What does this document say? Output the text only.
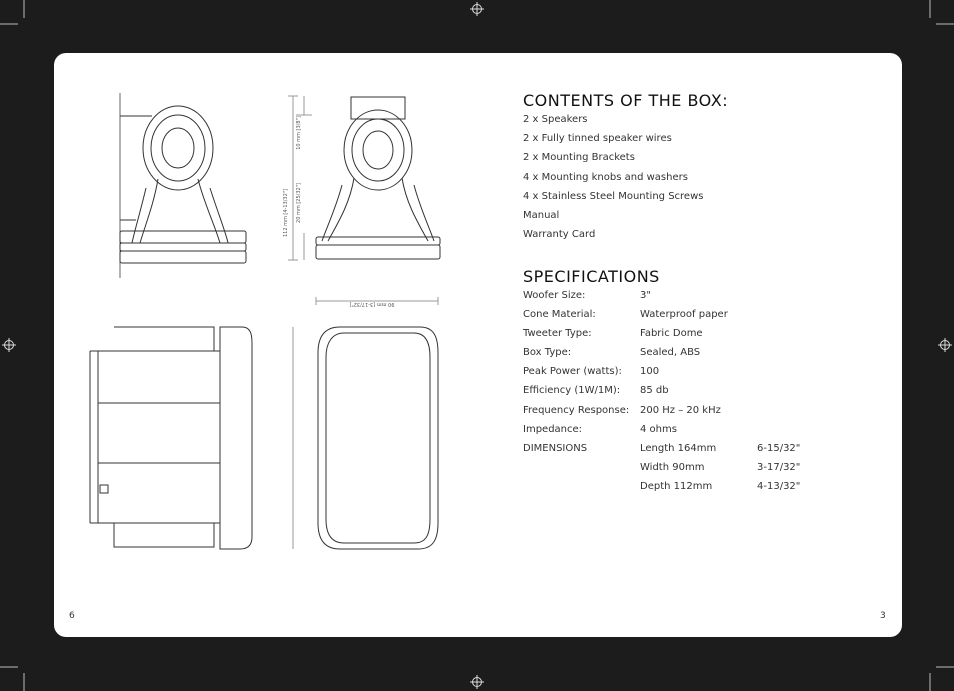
112 mm [4-13/32"]
10 mm [3/8"]
20 mm [25/32"]
90 mm [3-17/32"]
CONTENTS OF THE BOX:
2 x Speakers
2 x Fully tinned speaker wires
2 x Mounting Brackets
4 x Mounting knobs and washers
4 x Stainless Steel Mounting Screws
Manual
Warranty Card
SPECIFICATIONS
Woofer Size:	3"
Cone Material:	Waterproof paper
Tweeter Type:	Fabric Dome
Box Type:	Sealed, ABS
Peak Power (watts): 100
Efficiency (1W/1M): 85 db
Frequency Response: 200 Hz – 20 kHz
Impedance:	4 ohms
DIMENSIONS	Length 164mm	6-15/32"
Width 90mm	3-17/32"
Depth 112mm	4-13/32"
6	3
